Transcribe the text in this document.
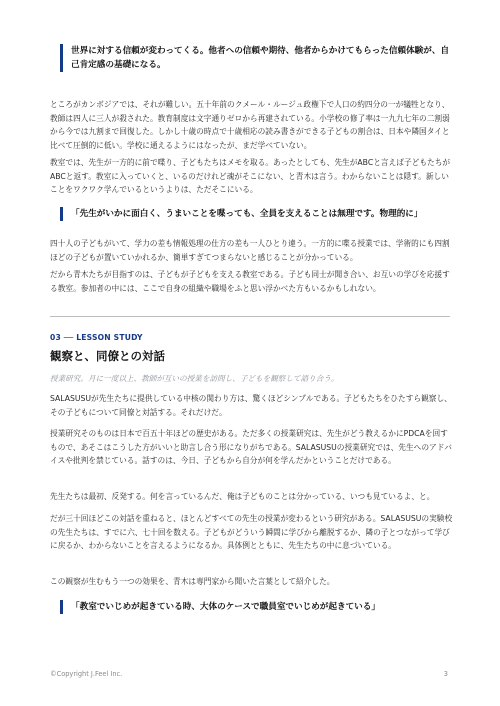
世界に対する信頼が変わってくる。他者への信頼や期待、他者からかけてもらった信頼体験が、自己肯定感の基礎になる。
ところがカンボジアでは、それが難しい。五十年前のクメール・ルージュ政権下で人口の約四分の一が犠牲となり、教師は四人に三人が殺された。教育制度は文字通りゼロから再建されている。小学校の修了率は一九九七年の二割弱から今では九割まで回復した。しかし十歳の時点で十歳相応の読み書きができる子どもの割合は、日本や隣国タイと比べて圧倒的に低い。学校に通えるようにはなったが、まだ学べていない。
教室では、先生が一方的に前で喋り、子どもたちはメモを取る。あったとしても、先生がABCと言えば子どもたちがABCと返す。教室に入っていくと、いるのだけれど魂がそこにない、と青木は言う。わからないことは隠す。新しいことをワクワク学んでいるというよりは、ただそこにいる。
「先生がいかに面白く、うまいことを喋っても、全員を支えることは無理です。物理的に」
四十人の子どもがいて、学力の差も情報処理の仕方の差も一人ひとり違う。一方的に喋る授業では、学術的にも四割ほどの子どもが置いていかれるか、簡単すぎてつまらないと感じることが分かっている。
だから青木たちが目指すのは、子どもが子どもを支える教室である。子ども同士が聞き合い、お互いの学びを応援する教室。参加者の中には、ここで自身の組織や職場をふと思い浮かべた方もいるかもしれない。
03 ── LESSON STUDY
観察と、同僚との対話
授業研究。月に一度以上、教師が互いの授業を訪問し、子どもを観察して語り合う。
SALASUSUが先生たちに提供している中核の関わり方は、驚くほどシンプルである。子どもたちをひたすら観察し、その子どもについて同僚と対話する。それだけだ。
授業研究そのものは日本で百五十年ほどの歴史がある。ただ多くの授業研究は、先生がどう教えるかにPDCAを回すもので、あそこはこうした方がいいと助言し合う形になりがちである。SALASUSUの授業研究では、先生へのアドバイスや批判を禁じている。話すのは、今日、子どもから自分が何を学んだかということだけである。
先生たちは最初、反発する。何を言っているんだ、俺は子どものことは分かっている、いつも見ているよ、と。
だが三十回ほどこの対話を重ねると、ほとんどすべての先生の授業が変わるという研究がある。SALASUSUの実験校の先生たちは、すでに六、七十回を数える。子どもがどういう瞬間に学びから離脱するか、隣の子とつながって学びに戻るか、わからないことを言えるようになるか。具体例とともに、先生たちの中に息づいている。
この観察が生むもう一つの効果を、青木は専門家から聞いた言葉として紹介した。
「教室でいじめが起きている時、大体のケースで職員室でいじめが起きている」
©Copyright J.Feel Inc.	3
